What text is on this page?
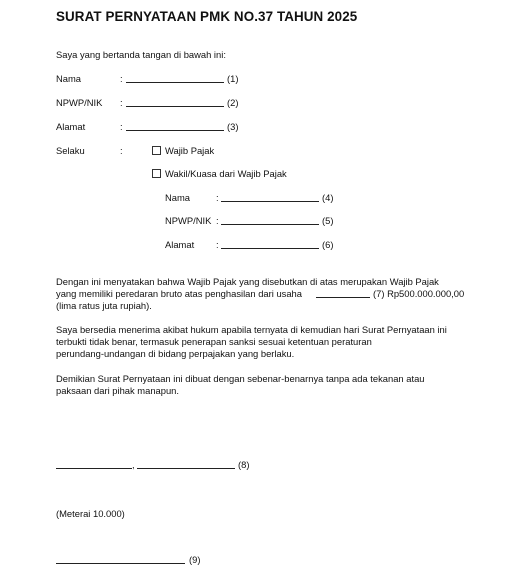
SURAT PERNYATAAN PMK NO.37 TAHUN 2025
Saya yang bertanda tangan di bawah ini:
Nama	:	(1)
NPWP/NIK :	(2)
Alamat	:	(3)
Selaku	:	Wajib Pajak
Wakil/Kuasa dari Wajib Pajak
Nama	:	(4)
NPWP/NIK :	(5)
Alamat :	(6)
Dengan ini menyatakan bahwa Wajib Pajak yang disebutkan di atas merupakan Wajib Pajak
yang memiliki peredaran bruto atas penghasilan dari usaha	(7) Rp500.000.000,00
(lima ratus juta rupiah).
Saya bersedia menerima akibat hukum apabila ternyata di kemudian hari Surat Pernyataan ini
terbukti tidak benar, termasuk penerapan sanksi sesuai ketentuan peraturan
perundang-undangan di bidang perpajakan yang berlaku.
Demikian Surat Pernyataan ini dibuat dengan sebenar-benarnya tanpa ada tekanan atau
paksaan dari pihak manapun.
,	(8)
(Meterai 10.000)
(9)
